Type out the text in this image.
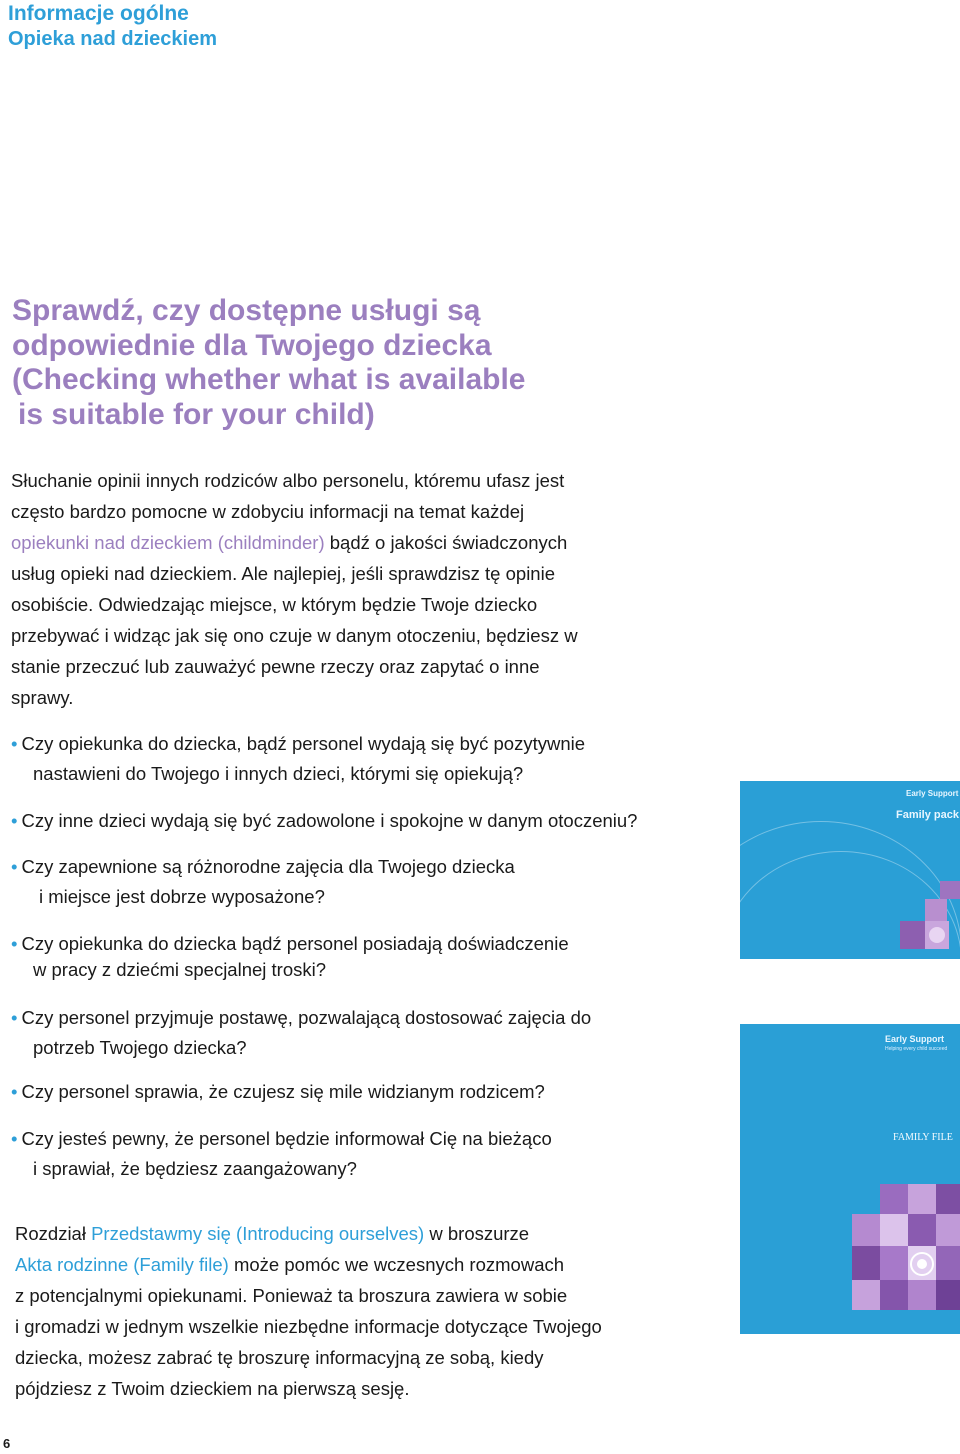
Informacje ogólne
Opieka nad dzieckiem
Sprawdź, czy dostępne usługi są
odpowiednie dla Twojego dziecka
(Checking whether what is available
is suitable for your child)
Słuchanie opinii innych rodziców albo personelu, któremu ufasz jest
często bardzo pomocne w zdobyciu informacji na temat każdej
opiekunki nad dzieckiem (childminder) bądź o jakości świadczonych
usług opieki nad dzieckiem. Ale najlepiej, jeśli sprawdzisz tę opinie
osobiście. Odwiedzając miejsce, w którym będzie Twoje dziecko
przebywać i widząc jak się ono czuje w danym otoczeniu, będziesz w
stanie przeczuć lub zauważyć pewne rzeczy oraz zapytać o inne
sprawy.
• Czy opiekunka do dziecka, bądź personel wydają się być pozytywnie
nastawieni do Twojego i innych dzieci, którymi się opiekują?
• Czy inne dzieci wydają się być zadowolone i spokojne w danym otoczeniu?
• Czy zapewnione są różnorodne zajęcia dla Twojego dziecka
i miejsce jest dobrze wyposażone?
• Czy opiekunka do dziecka bądź personel posiadają doświadczenie
w pracy z dziećmi specjalnej troski?
• Czy personel przyjmuje postawę, pozwalającą dostosować zajęcia do
potrzeb Twojego dziecka?
• Czy personel sprawia, że czujesz się mile widzianym rodzicem?
• Czy jesteś pewny, że personel będzie informował Cię na bieżąco
i sprawiał, że będziesz zaangażowany?
Rozdział Przedstawmy się (Introducing ourselves) w broszurze
Akta rodzinne (Family file) może pomóc we wczesnych rozmowach
z potencjalnymi opiekunami. Ponieważ ta broszura zawiera w sobie
i gromadzi w jednym wszelkie niezbędne informacje dotyczące Twojego
dziecka, możesz zabrać tę broszurę informacyjną ze sobą, kiedy
pójdziesz z Twoim dzieckiem na pierwszą sesję.
Early Support
Family pack
Early Support
Helping every child succeed
FAMILY FILE
6
